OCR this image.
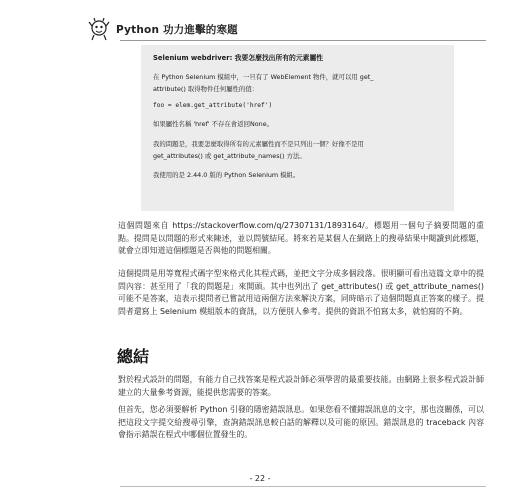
Python 功力進擊的寒題

Selenium webdriver: 我要怎麼找出所有的元素屬性

在 Python Selenium 模組中，一旦有了 WebElement 物件，就可以用 get_

attribute() 取得物件任何屬性的值：

foo = elem.get_attribute('href')

如果屬性名稱 'href' 不存在會返回None。

我的問題是，我要怎麼取得所有的元素屬性而不是只列出一個？好像不是用

get_attributes() 或 get_attribute_names() 方法。

我使用的是 2.44.0 版的 Python Selenium 模組。

這個問題來自 https://stackoverflow.com/q/27307131/1893164/。標題用一個句子摘要問題的重點。提問是以問題的形式來陳述，並以問號結尾。將來若是某個人在網路上的搜尋結果中閱讀到此標題，就會立即知道這個標題是否與他的問題相關。

這個提問是用等寬程式碼字型來格式化其程式碼，並把文字分成多個段落。很明顯可看出這篇文章中的提問內容：甚至用了「我的問題是」來開頭。其中也列出了 get_attributes() 或 get_attribute_names() 可能不是答案，這表示提問者已嘗試用這兩個方法來解決方案，同時暗示了這個問題真正答案的樣子。提問者還寫上 Selenium 模組版本的資訊，以方便別人參考。提供的資訊不怕寫太多，就怕寫的不夠。

總結

對於程式設計的問題，有能力自己找答案是程式設計師必須學習的最重要技能。由網路上很多程式設計師建立的大量參考資源，能提供您需要的答案。

但首先，您必須要解析 Python 引發的隱密錯誤訊息。如果您看不懂錯誤訊息的文字，那也沒關係，可以把這段文字提交給搜尋引擎，查詢錯誤訊息較白話的解釋以及可能的原因。錯誤訊息的 traceback 內容會指示錯誤在程式中哪個位置發生的。

- 22 -
